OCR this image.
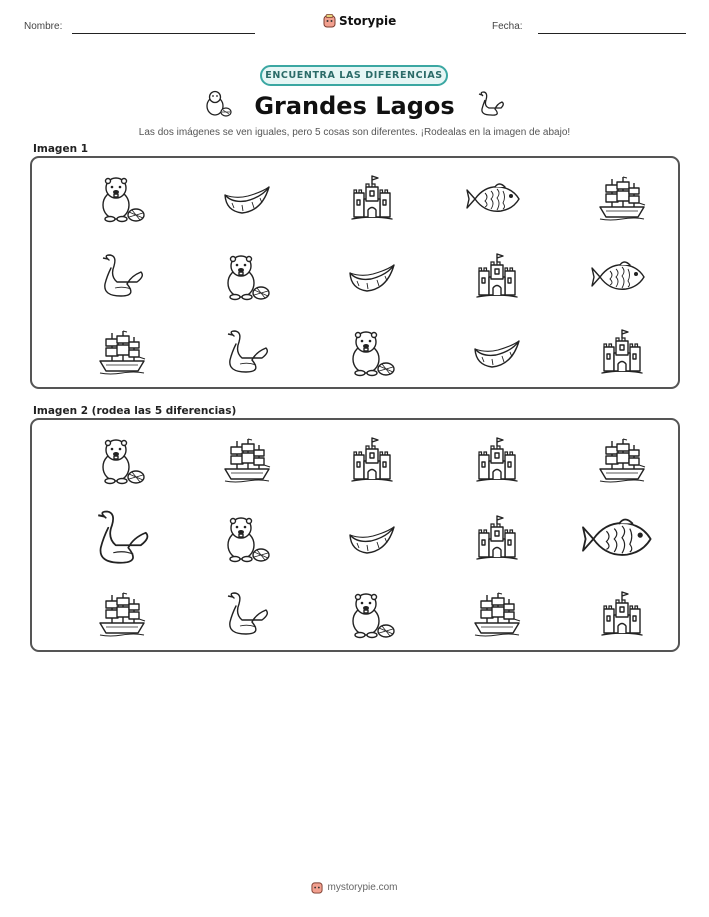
Nombre:	Storypie	Fecha:
ENCUENTRA LAS DIFERENCIAS
Grandes Lagos
Las dos imágenes se ven iguales, pero 5 cosas son diferentes. ¡Rodealas en la imagen de abajo!
Imagen 1
Imagen 2 (rodea las 5 diferencias)
mystorypie.com
